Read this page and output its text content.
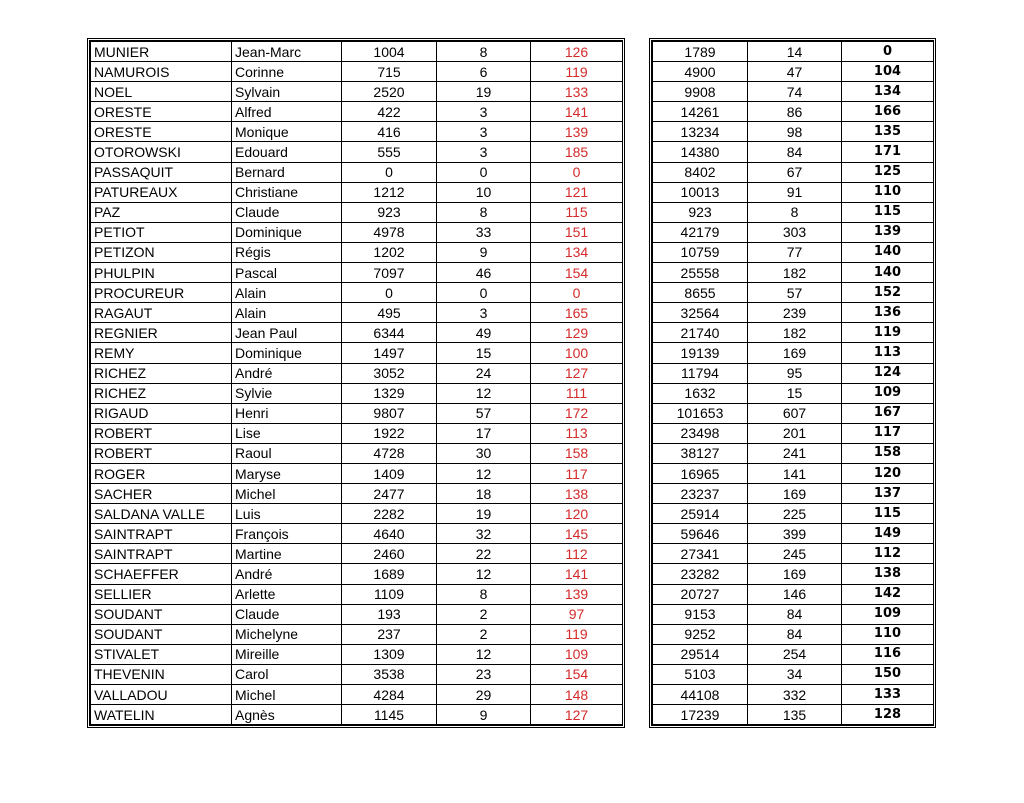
MUNIER	Jean-Marc	1004	8	126
NAMUROIS	Corinne	715	6	119
NOEL	Sylvain	2520	19	133
ORESTE	Alfred	422	3	141
ORESTE	Monique	416	3	139
OTOROWSKI	Edouard	555	3	185
PASSAQUIT	Bernard	0	0	0
PATUREAUX	Christiane	1212	10	121
PAZ	Claude	923	8	115
PETIOT	Dominique	4978	33	151
PETIZON	Régis	1202	9	134
PHULPIN	Pascal	7097	46	154
PROCUREUR	Alain	0	0	0
RAGAUT	Alain	495	3	165
REGNIER	Jean Paul	6344	49	129
REMY	Dominique	1497	15	100
RICHEZ	André	3052	24	127
RICHEZ	Sylvie	1329	12	111
RIGAUD	Henri	9807	57	172
ROBERT	Lise	1922	17	113
ROBERT	Raoul	4728	30	158
ROGER	Maryse	1409	12	117
SACHER	Michel	2477	18	138
SALDANA VALLE	Luis	2282	19	120
SAINTRAPT	François	4640	32	145
SAINTRAPT	Martine	2460	22	112
SCHAEFFER	André	1689	12	141
SELLIER	Arlette	1109	8	139
SOUDANT	Claude	193	2	97
SOUDANT	Michelyne	237	2	119
STIVALET	Mireille	1309	12	109
THEVENIN	Carol	3538	23	154
VALLADOU	Michel	4284	29	148
WATELIN	Agnès	1145	9	127
1789	14	0
4900	47	104
9908	74	134
14261	86	166
13234	98	135
14380	84	171
8402	67	125
10013	91	110
923	8	115
42179	303	139
10759	77	140
25558	182	140
8655	57	152
32564	239	136
21740	182	119
19139	169	113
11794	95	124
1632	15	109
101653	607	167
23498	201	117
38127	241	158
16965	141	120
23237	169	137
25914	225	115
59646	399	149
27341	245	112
23282	169	138
20727	146	142
9153	84	109
9252	84	110
29514	254	116
5103	34	150
44108	332	133
17239	135	128
